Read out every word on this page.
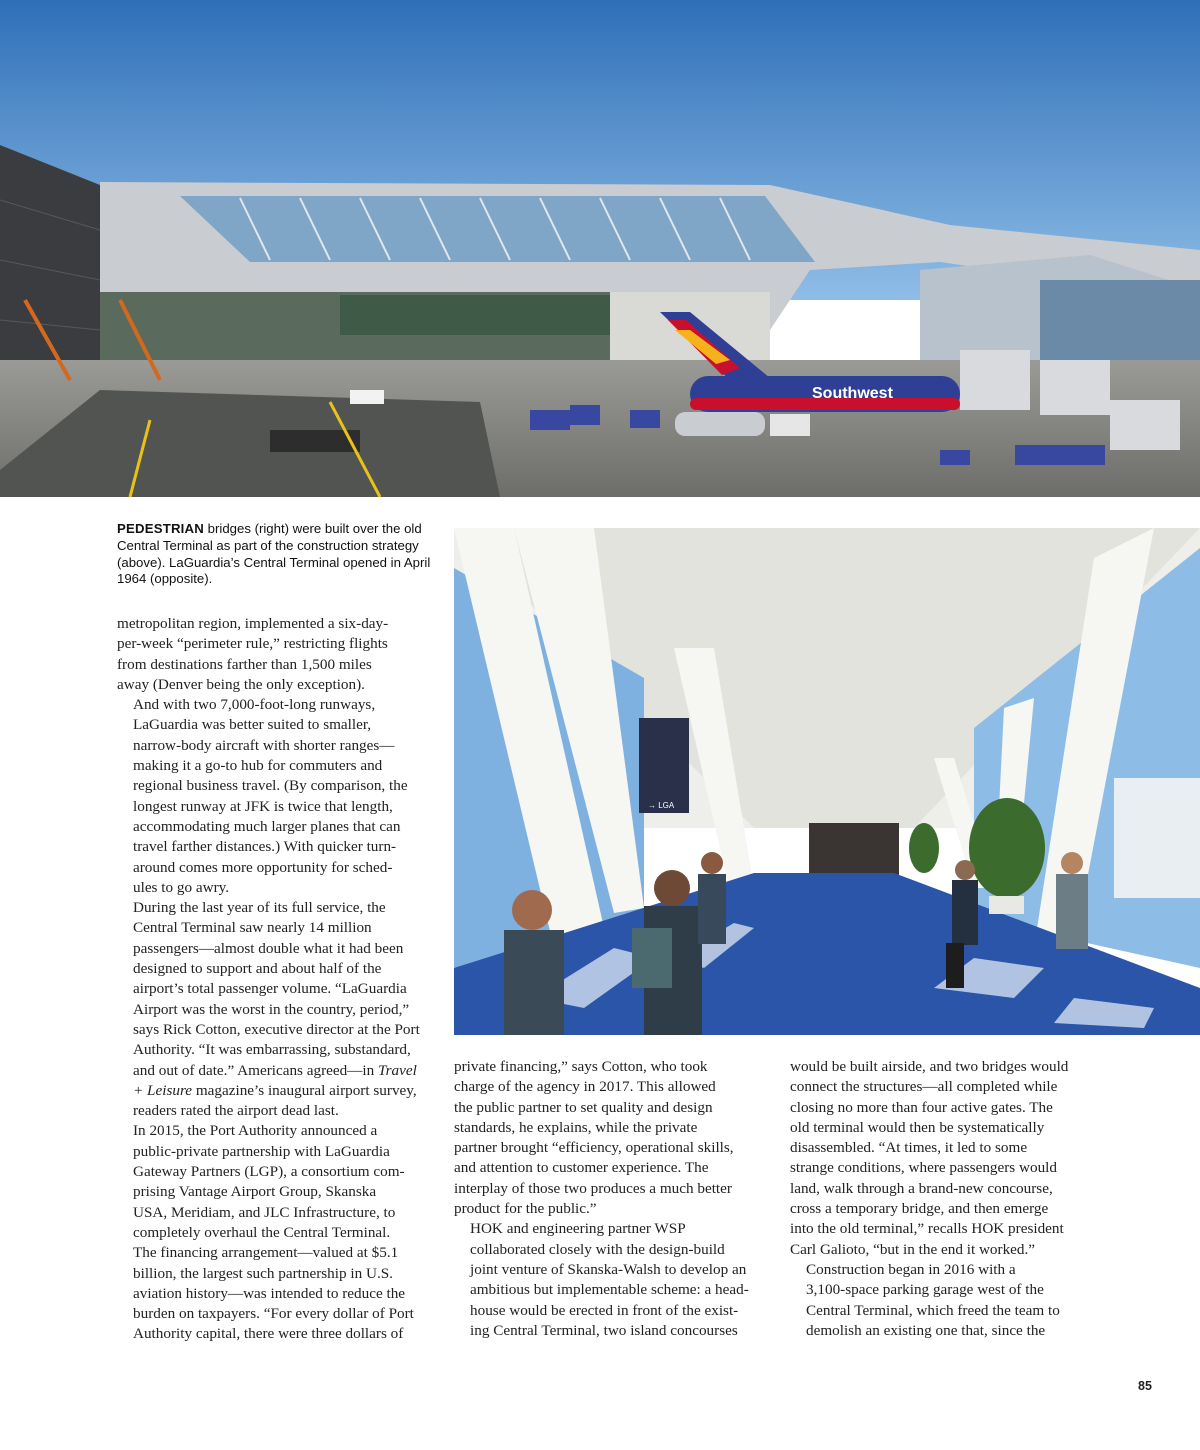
Southwest

PEDESTRIAN bridges (right) were built over the old Central Terminal as part of the construction strategy (above). LaGuardia’s Central Terminal opened in April 1964 (opposite).

→ LGA

metropolitan region, implemented a six-day-
per-week “perimeter rule,” restricting flights
from destinations farther than 1,500 miles
away (Denver being the only exception).

And with two 7,000-foot-long runways,
LaGuardia was better suited to smaller,
narrow-body aircraft with shorter ranges—
making it a go-to hub for commuters and
regional business travel. (By comparison, the
longest runway at JFK is twice that length,
accommodating much larger planes that can
travel farther distances.) With quicker turn-
around comes more opportunity for sched-
ules to go awry.

During the last year of its full service, the
Central Terminal saw nearly 14 million
passengers—almost double what it had been
designed to support and about half of the
airport’s total passenger volume. “LaGuardia
Airport was the worst in the country, period,”
says Rick Cotton, executive director at the Port
Authority. “It was embarrassing, substandard,
and out of date.” Americans agreed—in Travel
+ Leisure magazine’s inaugural airport survey,
readers rated the airport dead last.

In 2015, the Port Authority announced a
public-private partnership with LaGuardia
Gateway Partners (LGP), a consortium com-
prising Vantage Airport Group, Skanska
USA, Meridiam, and JLC Infrastructure, to
completely overhaul the Central Terminal.
The financing arrangement—valued at $5.1
billion, the largest such partnership in U.S.
aviation history—was intended to reduce the
burden on taxpayers. “For every dollar of Port
Authority capital, there were three dollars of

private financing,” says Cotton, who took
charge of the agency in 2017. This allowed
the public partner to set quality and design
standards, he explains, while the private
partner brought “efficiency, operational skills,
and attention to customer experience. The
interplay of those two produces a much better
product for the public.”

HOK and engineering partner WSP
collaborated closely with the design-build
joint venture of Skanska-Walsh to develop an
ambitious but implementable scheme: a head-
house would be erected in front of the exist-
ing Central Terminal, two island concourses

would be built airside, and two bridges would
connect the structures—all completed while
closing no more than four active gates. The
old terminal would then be systematically
disassembled. “At times, it led to some
strange conditions, where passengers would
land, walk through a brand-new concourse,
cross a temporary bridge, and then emerge
into the old terminal,” recalls HOK president
Carl Galioto, “but in the end it worked.”

Construction began in 2016 with a
3,100-space parking garage west of the
Central Terminal, which freed the team to
demolish an existing one that, since the

85
